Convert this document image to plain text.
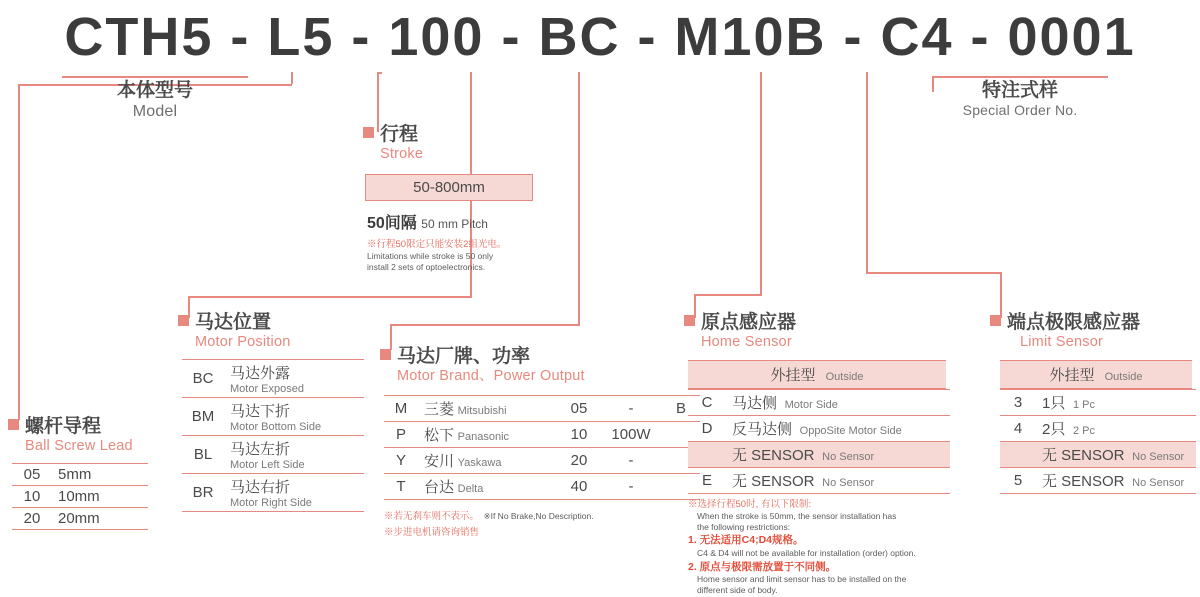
CTH5 - L5 - 100 - BC - M10B - C4 - 0001
本体型号
Model
特注式样
Special Order No.
行程
Stroke
50-800mm
50间隔 50 mm Pitch
※行程50限定只能安装2组光电。
Limitations while stroke is 50 only
install 2 sets of optoelectronics.
螺杆导程
Ball Screw Lead
05	5mm
10	10mm
20	20mm
马达位置
Motor Position
BC	马达外露
Motor Exposed

BM	马达下折
Motor Bottom Side

BL	马达左折
Motor Left Side

BR	马达右折
Motor Right Side
马达厂牌、功率
Motor Brand、Power Output
M	三菱 Mitsubishi	05	-	B
P	松下 Panasonic	10	100W	
Y	安川 Yaskawa	20	-	
T	台达 Delta	40	-	
※若无刹车则不表示。 ※If No Brake,No Description.
※步进电机请咨询销售
原点感应器
Home Sensor
外挂型 Outside
C	马达侧 Motor Side
D	反马达侧 OppoSite Motor Side
	无 SENSOR No Sensor
E	无 SENSOR No Sensor
※选择行程50时, 有以下限制:
When the stroke is 50mm, the sensor installation has
the following restrictions:
1. 无法适用C4;D4规格。
C4 & D4 will not be available for installation (order) option.
2. 原点与极限需放置于不同侧。
Home sensor and limit sensor has to be installed on the
different side of body.
端点极限感应器
Limit Sensor
外挂型 Outside
3	1只 1 Pc
4	2只 2 Pc
	无 SENSOR No Sensor
5	无 SENSOR No Sensor
